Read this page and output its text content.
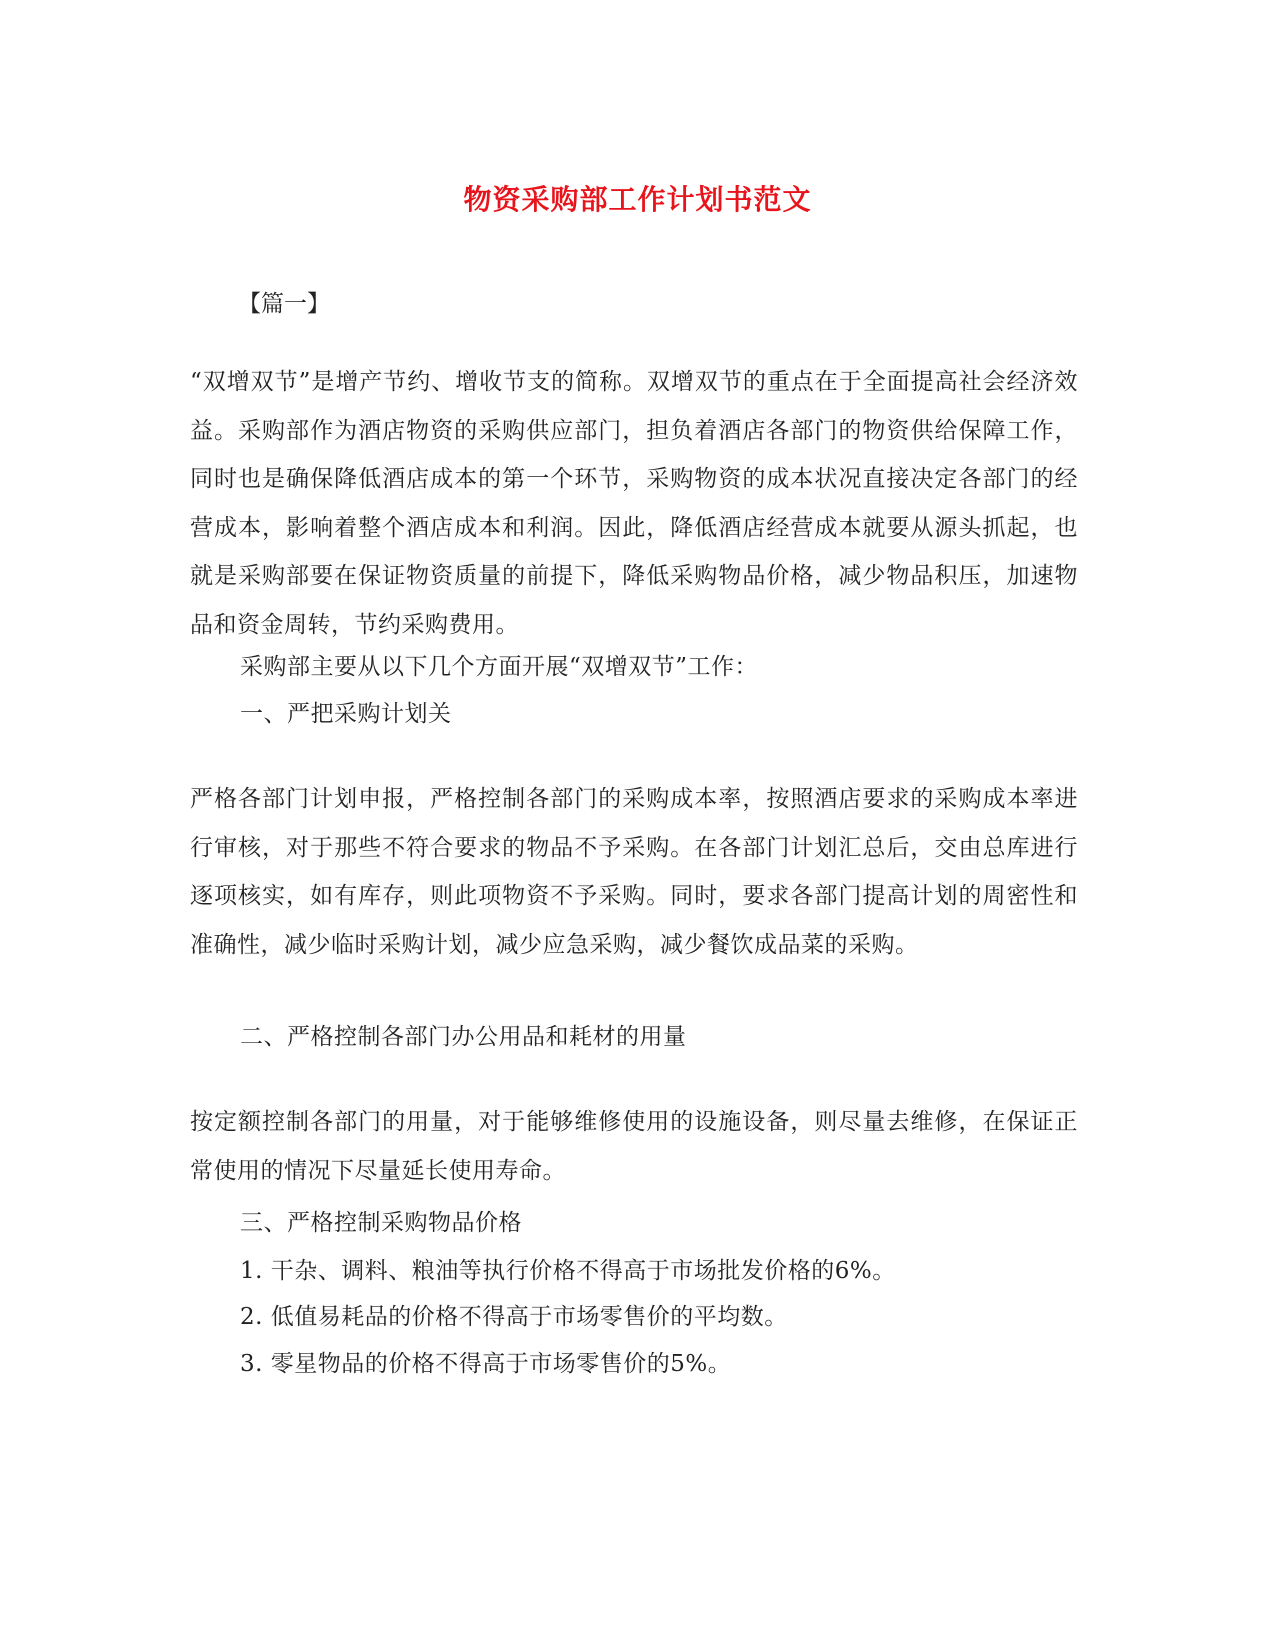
物资采购部工作计划书范文
【篇一】

“双增双节”是增产节约、增收节支的简称。双增双节的重点在于全面提高社会经济效益。采购部作为酒店物资的采购供应部门，担负着酒店各部门的物资供给保障工作，同时也是确保降低酒店成本的第一个环节，采购物资的成本状况直接决定各部门的经营成本，影响着整个酒店成本和利润。因此，降低酒店经营成本就要从源头抓起，也就是采购部要在保证物资质量的前提下，降低采购物品价格，减少物品积压，加速物品和资金周转，节约采购费用。

采购部主要从以下几个方面开展“双增双节”工作：
一、严把采购计划关

严格各部门计划申报，严格控制各部门的采购成本率，按照酒店要求的采购成本率进行审核，对于那些不符合要求的物品不予采购。在各部门计划汇总后，交由总库进行逐项核实，如有库存，则此项物资不予采购。同时，要求各部门提高计划的周密性和准确性，减少临时采购计划，减少应急采购，减少餐饮成品菜的采购。

二、严格控制各部门办公用品和耗材的用量

按定额控制各部门的用量，对于能够维修使用的设施设备，则尽量去维修，在保证正常使用的情况下尽量延长使用寿命。

三、严格控制采购物品价格
1. 干杂、调料、粮油等执行价格不得高于市场批发价格的6%。
2. 低值易耗品的价格不得高于市场零售价的平均数。
3. 零星物品的价格不得高于市场零售价的5%。
